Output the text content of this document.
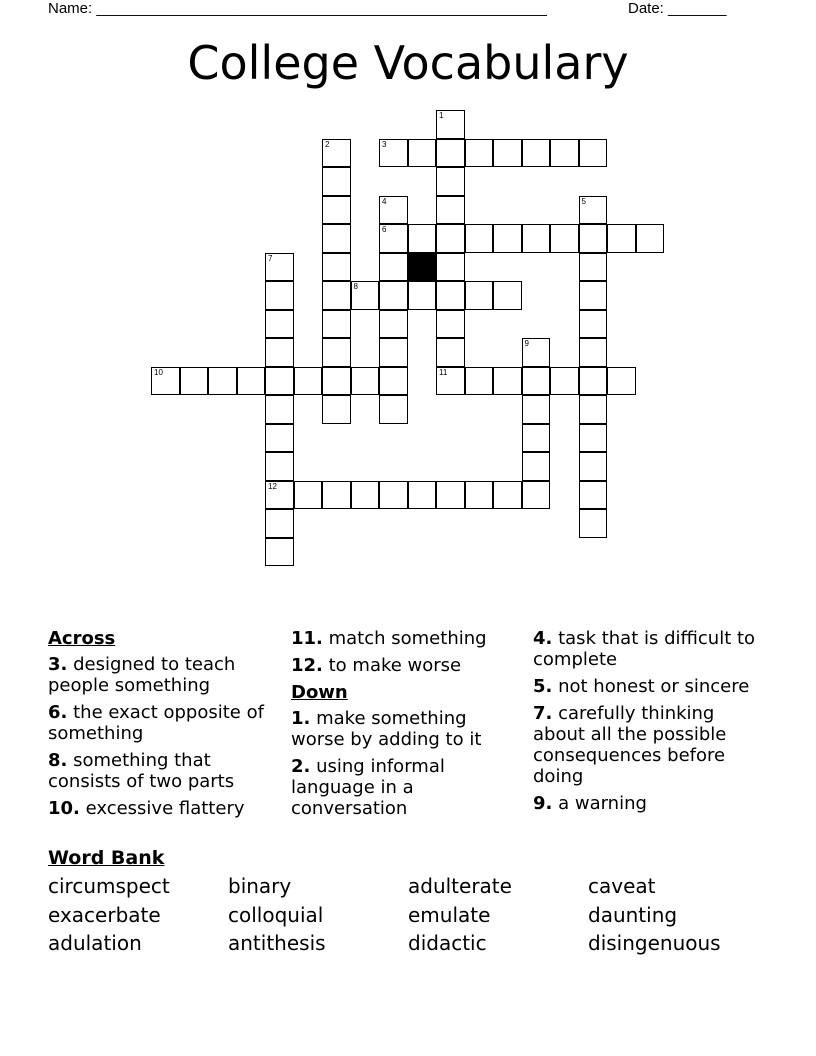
Name: ______________________________________________________	Date: _______
College Vocabulary
1
2	3
4
6
5
7
12
8
9
10	11
Across
3. designed to teach people something
6. the exact opposite of something
8. something that consists of two parts
10. excessive flattery
11. match something
12. to make worse
Down
1. make something worse by adding to it
2. using informal language in a conversation
4. task that is difficult to complete
5. not honest or sincere
7. carefully thinking about all the possible consequences before doing
9. a warning
Word Bank
circumspect	binary	adulterate	caveat
exacerbate	colloquial	emulate	daunting
adulation	antithesis	didactic	disingenuous
